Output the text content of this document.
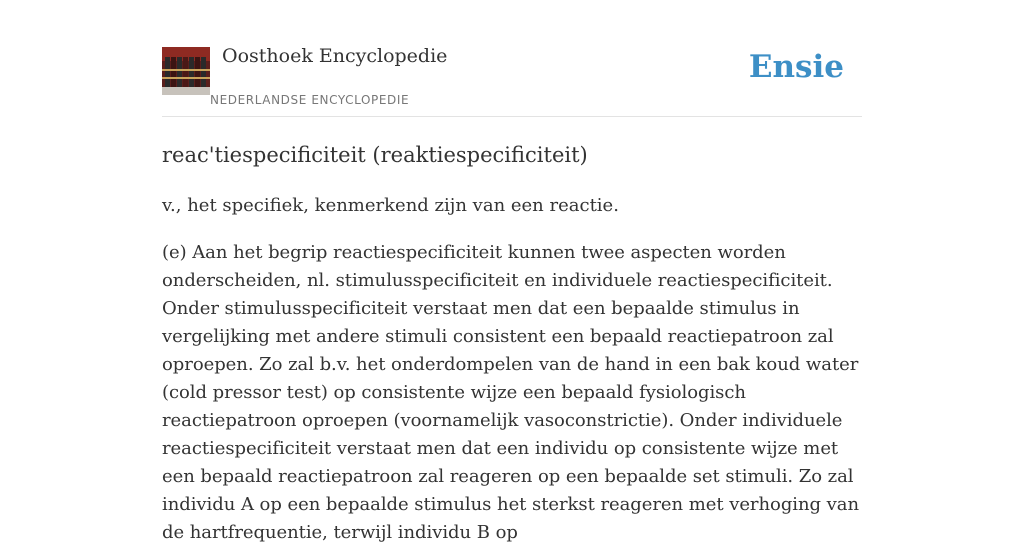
Oosthoek Encyclopedie
NEDERLANDSE ENCYCLOPEDIE
Ensie
reac'tiespecificiteit (reaktiespecificiteit)

v., het specifiek, kenmerkend zijn van een reactie.

(e) Aan het begrip reactiespecificiteit kunnen twee aspecten worden onderscheiden, nl. stimulusspecificiteit en individuele reactiespecificiteit. Onder stimulusspecificiteit verstaat men dat een bepaalde stimulus in vergelijking met andere stimuli consistent een bepaald reactiepatroon zal oproepen. Zo zal b.v. het onderdompelen van de hand in een bak koud water (cold pressor test) op consistente wijze een bepaald fysiologisch reactiepatroon oproepen (voornamelijk vasoconstrictie). Onder individuele reactiespecificiteit verstaat men dat een individu op consistente wijze met een bepaald reactiepatroon zal reageren op een bepaalde set stimuli. Zo zal individu A op een bepaalde stimulus het sterkst reageren met verhoging van de hartfrequentie, terwijl individu B op
